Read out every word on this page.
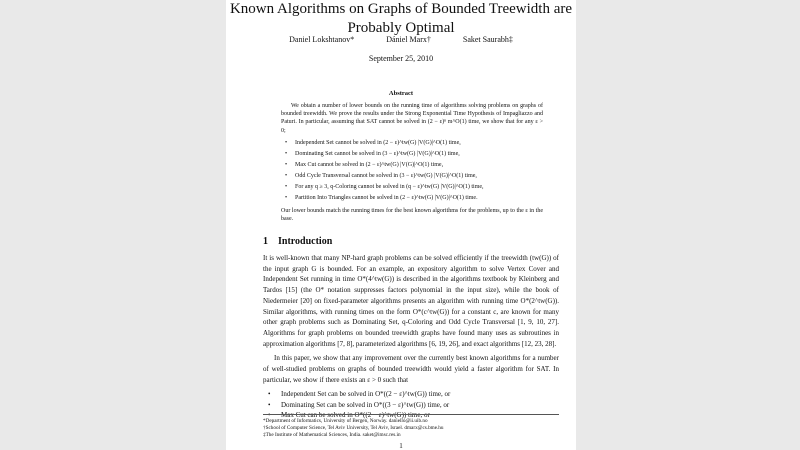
Known Algorithms on Graphs of Bounded Treewidth are
Probably Optimal
Daniel Lokshtanov*	Dániel Marx†	Saket Saurabh‡
September 25, 2010
Abstract

We obtain a number of lower bounds on the running time of algorithms solving problems on graphs of bounded treewidth. We prove the results under the Strong Exponential Time Hypothesis of Impagliazzo and Paturi. In particular, assuming that SAT cannot be solved in (2 − ε)ⁿ m^O(1) time, we show that for any ε > 0;

• Independent Set cannot be solved in (2 − ε)^tw(G) |V(G)|^O(1) time,
• Dominating Set cannot be solved in (3 − ε)^tw(G) |V(G)|^O(1) time,
• Max Cut cannot be solved in (2 − ε)^tw(G) |V(G)|^O(1) time,
• Odd Cycle Transversal cannot be solved in (3 − ε)^tw(G) |V(G)|^O(1) time,
• For any q ≥ 3, q-Coloring cannot be solved in (q − ε)^tw(G) |V(G)|^O(1) time,
• Partition Into Triangles cannot be solved in (2 − ε)^tw(G) |V(G)|^O(1) time.

Our lower bounds match the running times for the best known algorithms for the problems, up to the ε in the base.

1 Introduction

It is well-known that many NP-hard graph problems can be solved efficiently if the treewidth (tw(G)) of the input graph G is bounded. For an example, an expository algorithm to solve Vertex Cover and Independent Set running in time O*(4^tw(G)) is described in the algorithms textbook by Kleinberg and Tardos [15] (the O* notation suppresses factors polynomial in the input size), while the book of Niedermeier [20] on fixed-parameter algorithms presents an algorithm with running time O*(2^tw(G)). Similar algorithms, with running times on the form O*(c^tw(G)) for a constant c, are known for many other graph problems such as Dominating Set, q-Coloring and Odd Cycle Transversal [1, 9, 10, 27]. Algorithms for graph problems on bounded treewidth graphs have found many uses as subroutines in approximation algorithms [7, 8], parameterized algorithms [6, 19, 26], and exact algorithms [12, 23, 28].

In this paper, we show that any improvement over the currently best known algorithms for a number of well-studied problems on graphs of bounded treewidth would yield a faster algorithm for SAT. In particular, we show if there exists an ε > 0 such that

• Independent Set can be solved in O*((2 − ε)^tw(G)) time, or
• Dominating Set can be solved in O*((3 − ε)^tw(G)) time, or
• Max Cut can be solved in O*((2 − ε)^tw(G)) time, or
*Department of Informatics, University of Bergen, Norway. daniello@ii.uib.no
†School of Computer Science, Tel Aviv University, Tel Aviv, Israel. dmarx@cs.bme.hu
‡The Institute of Mathematical Sciences, India. saket@imsc.res.in
1
